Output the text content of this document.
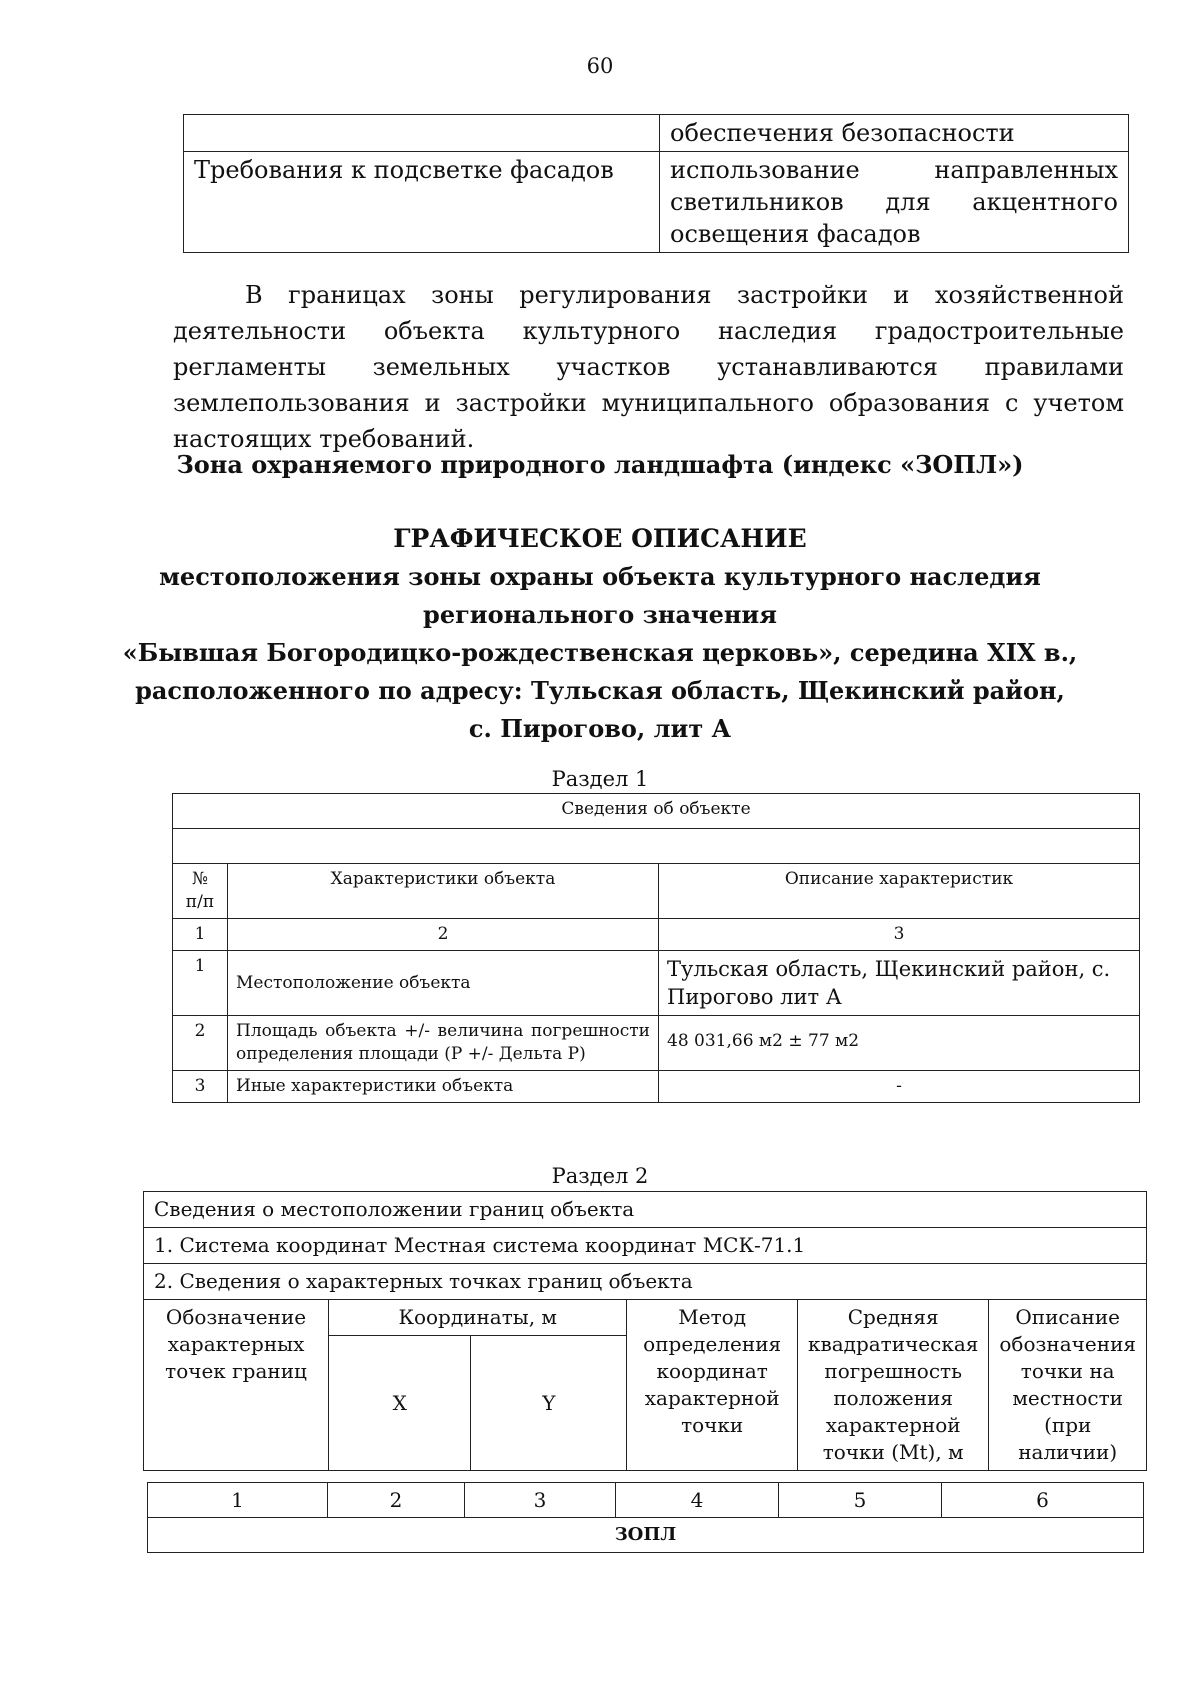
60
	обеспечения безопасности
Требования к подсветке фасадов	использование направленных
светильников для акцентного
освещения фасадов

В границах зоны регулирования застройки и хозяйственной деятельности объекта культурного наследия градостроительные регламенты земельных участков устанавливаются правилами землепользования и застройки муниципального образования с учетом настоящих требований.

Зона охраняемого природного ландшафта (индекс «ЗОПЛ»)
ГРАФИЧЕСКОЕ ОПИСАНИЕ
местоположения зоны охраны объекта культурного наследия
регионального значения
«Бывшая Богородицко-рождественская церковь», середина XIX в.,
расположенного по адресу: Тульская область, Щекинский район,
с. Пирогово, лит А
Раздел 1
Сведения об объекте		

№ п/п	Характеристики объекта	Описание характеристик
1	2	3
1	Местоположение объекта	Тульская область, Щекинский район, с. Пирогово лит А
2	Площадь объекта +/- величина погрешности определения площади (Р +/- Дельта Р)	48 031,66 м2 ± 77 м2
3	Иные характеристики объекта	-
Раздел 2
Сведения о местоположении границ объекта					
1. Система координат Местная система координат МСК-71.1					
2. Сведения о характерных точках границ объекта					
Обозначение характерных точек границ	Координаты, м		Метод определения координат характерной точки	Средняя квадратическая погрешность положения характерной точки (Mt), м	Описание обозначения точки на местности (при наличии)
	X	Y			
1	2	3	4	5	6
ЗОПЛ
